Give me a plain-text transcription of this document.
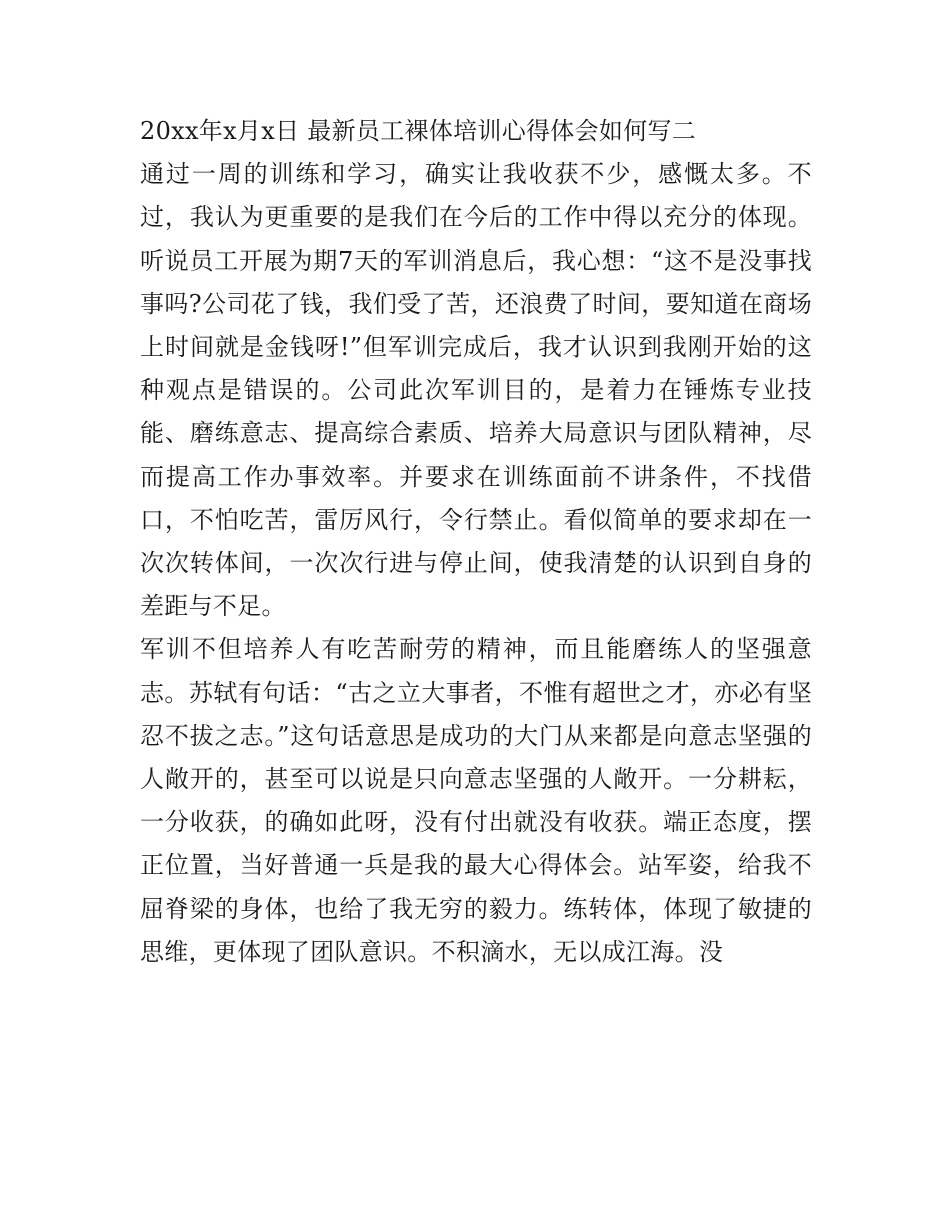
20xx年x月x日 最新员工裸体培训心得体会如何写二

通过一周的训练和学习，确实让我收获不少，感慨太多。不过，我认为更重要的是我们在今后的工作中得以充分的体现。听说员工开展为期7天的军训消息后，我心想：“这不是没事找事吗?公司花了钱，我们受了苦，还浪费了时间，要知道在商场上时间就是金钱呀!”但军训完成后，我才认识到我刚开始的这种观点是错误的。公司此次军训目的，是着力在锤炼专业技能、磨练意志、提高综合素质、培养大局意识与团队精神，尽而提高工作办事效率。并要求在训练面前不讲条件，不找借口，不怕吃苦，雷厉风行，令行禁止。看似简单的要求却在一次次转体间，一次次行进与停止间，使我清楚的认识到自身的差距与不足。

军训不但培养人有吃苦耐劳的精神，而且能磨练人的坚强意志。苏轼有句话：“古之立大事者，不惟有超世之才，亦必有坚忍不拔之志。”这句话意思是成功的大门从来都是向意志坚强的人敞开的，甚至可以说是只向意志坚强的人敞开。一分耕耘，一分收获，的确如此呀，没有付出就没有收获。端正态度，摆正位置，当好普通一兵是我的最大心得体会。站军姿，给我不屈脊梁的身体，也给了我无穷的毅力。练转体，体现了敏捷的思维，更体现了团队意识。不积滴水，无以成江海。没
